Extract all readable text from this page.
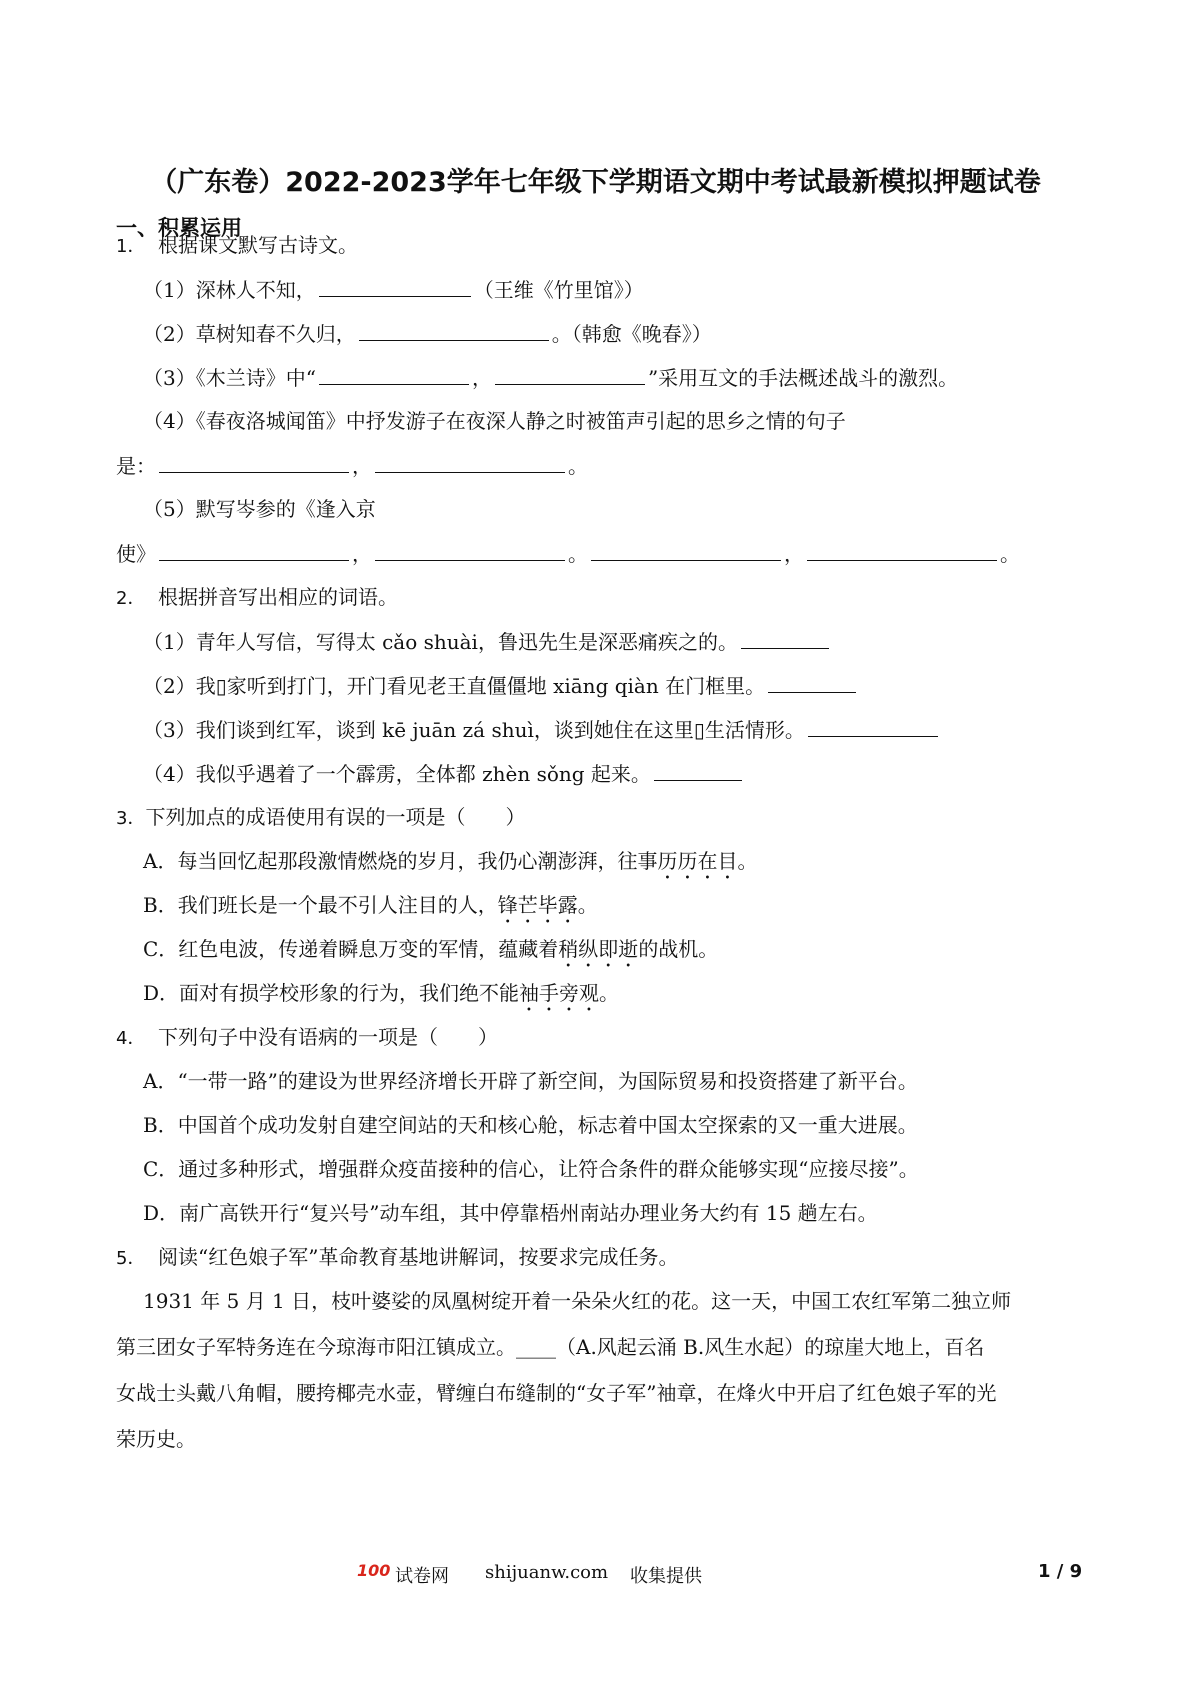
（广东卷）2022-2023学年七年级下学期语文期中考试最新模拟押题试卷
一、积累运用
1． 根据课文默写古诗文。
（1）深林人不知，	（王维《竹里馆》）
（2）草树知春不久归，	。（韩愈《晚春》）
（3）《木兰诗》中“	，	”采用互文的手法概述战斗的激烈。
（4）《春夜洛城闻笛》中抒发游子在夜深人静之时被笛声引起的思乡之情的句子
是：	，	。
（5）默写岑参的《逢入京
使》	，	。	，	。
2． 根据拼音写出相应的词语。
（1）青年人写信，写得太 cǎo shuài，鲁迅先生是深恶痛疾之的。
（2）我▯家听到打门，开门看见老王直僵僵地 xiāng qiàn 在门框里。
（3）我们谈到红军，谈到 kē juān zá shuì，谈到她住在这里▯生活情形。
（4）我似乎遇着了一个霹雳，全体都 zhèn sǒng 起来。
3．下列加点的成语使用有误的一项是（　　）
A．每当回忆起那段激情燃烧的岁月，我仍心潮澎湃，往事历历在目。
B．我们班长是一个最不引人注目的人，锋芒毕露。
C．红色电波，传递着瞬息万变的军情，蕴藏着稍纵即逝的战机。
D．面对有损学校形象的行为，我们绝不能袖手旁观。
4． 下列句子中没有语病的一项是（　　）
A．“一带一路”的建设为世界经济增长开辟了新空间，为国际贸易和投资搭建了新平台。
B．中国首个成功发射自建空间站的天和核心舱，标志着中国太空探索的又一重大进展。
C．通过多种形式，增强群众疫苗接种的信心，让符合条件的群众能够实现“应接尽接”。
D．南广高铁开行“复兴号”动车组，其中停靠梧州南站办理业务大约有 15 趟左右。
5． 阅读“红色娘子军”革命教育基地讲解词，按要求完成任务。
1931 年 5 月 1 日，枝叶婆娑的凤凰树绽开着一朵朵火红的花。这一天，中国工农红军第二独立师
第三团女子军特务连在今琼海市阳江镇成立。____（A.风起云涌 B.风生水起）的琼崖大地上，百名
女战士头戴八角帽，腰挎椰壳水壶，臂缠白布缝制的“女子军”袖章，在烽火中开启了红色娘子军的光
荣历史。
100 试卷网 shijuanw.com 收集提供	1 / 9
